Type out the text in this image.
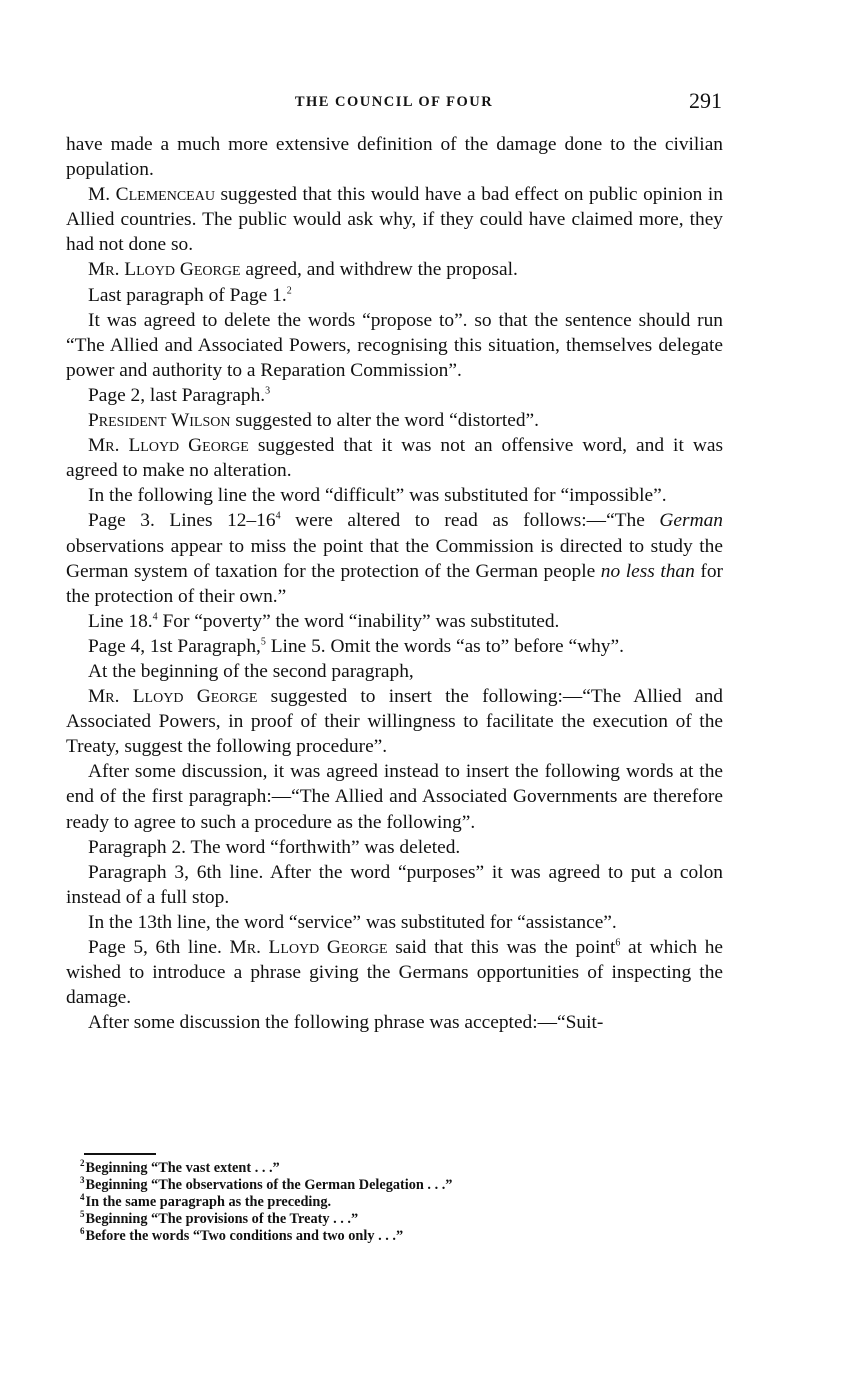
THE COUNCIL OF FOUR	291

have made a much more extensive definition of the damage done to the civilian population.

M. Clemenceau suggested that this would have a bad effect on public opinion in Allied countries. The public would ask why, if they could have claimed more, they had not done so.

Mr. Lloyd George agreed, and withdrew the proposal.

Last paragraph of Page 1.$^2$

It was agreed to delete the words “propose to”. so that the sentence should run “The Allied and Associated Powers, recognising this situation, themselves delegate power and authority to a Reparation Commission”.

Page 2, last Paragraph.$^3$

President Wilson suggested to alter the word “distorted”.

Mr. Lloyd George suggested that it was not an offensive word, and it was agreed to make no alteration.

In the following line the word “difficult” was substituted for “impossible”.

Page 3. Lines 12–16$^4$ were altered to read as follows:—“The German observations appear to miss the point that the Commission is directed to study the German system of taxation for the protection of the German people no less than for the protection of their own.”

Line 18.$^4$ For “poverty” the word “inability” was substituted.

Page 4, 1st Paragraph,$^5$ Line 5. Omit the words “as to” before “why”.

At the beginning of the second paragraph,

Mr. Lloyd George suggested to insert the following:—“The Allied and Associated Powers, in proof of their willingness to facilitate the execution of the Treaty, suggest the following procedure”.

After some discussion, it was agreed instead to insert the following words at the end of the first paragraph:—“The Allied and Associated Governments are therefore ready to agree to such a procedure as the following”.

Paragraph 2. The word “forthwith” was deleted.

Paragraph 3, 6th line. After the word “purposes” it was agreed to put a colon instead of a full stop.

In the 13th line, the word “service” was substituted for “assistance”.

Page 5, 6th line. Mr. Lloyd George said that this was the point$^6$ at which he wished to introduce a phrase giving the Germans opportunities of inspecting the damage.

After some discussion the following phrase was accepted:—“Suit-

$^2$Beginning “The vast extent . . .”
$^3$Beginning “The observations of the German Delegation . . .”
$^4$In the same paragraph as the preceding.
$^5$Beginning “The provisions of the Treaty . . .”
$^6$Before the words “Two conditions and two only . . .”
